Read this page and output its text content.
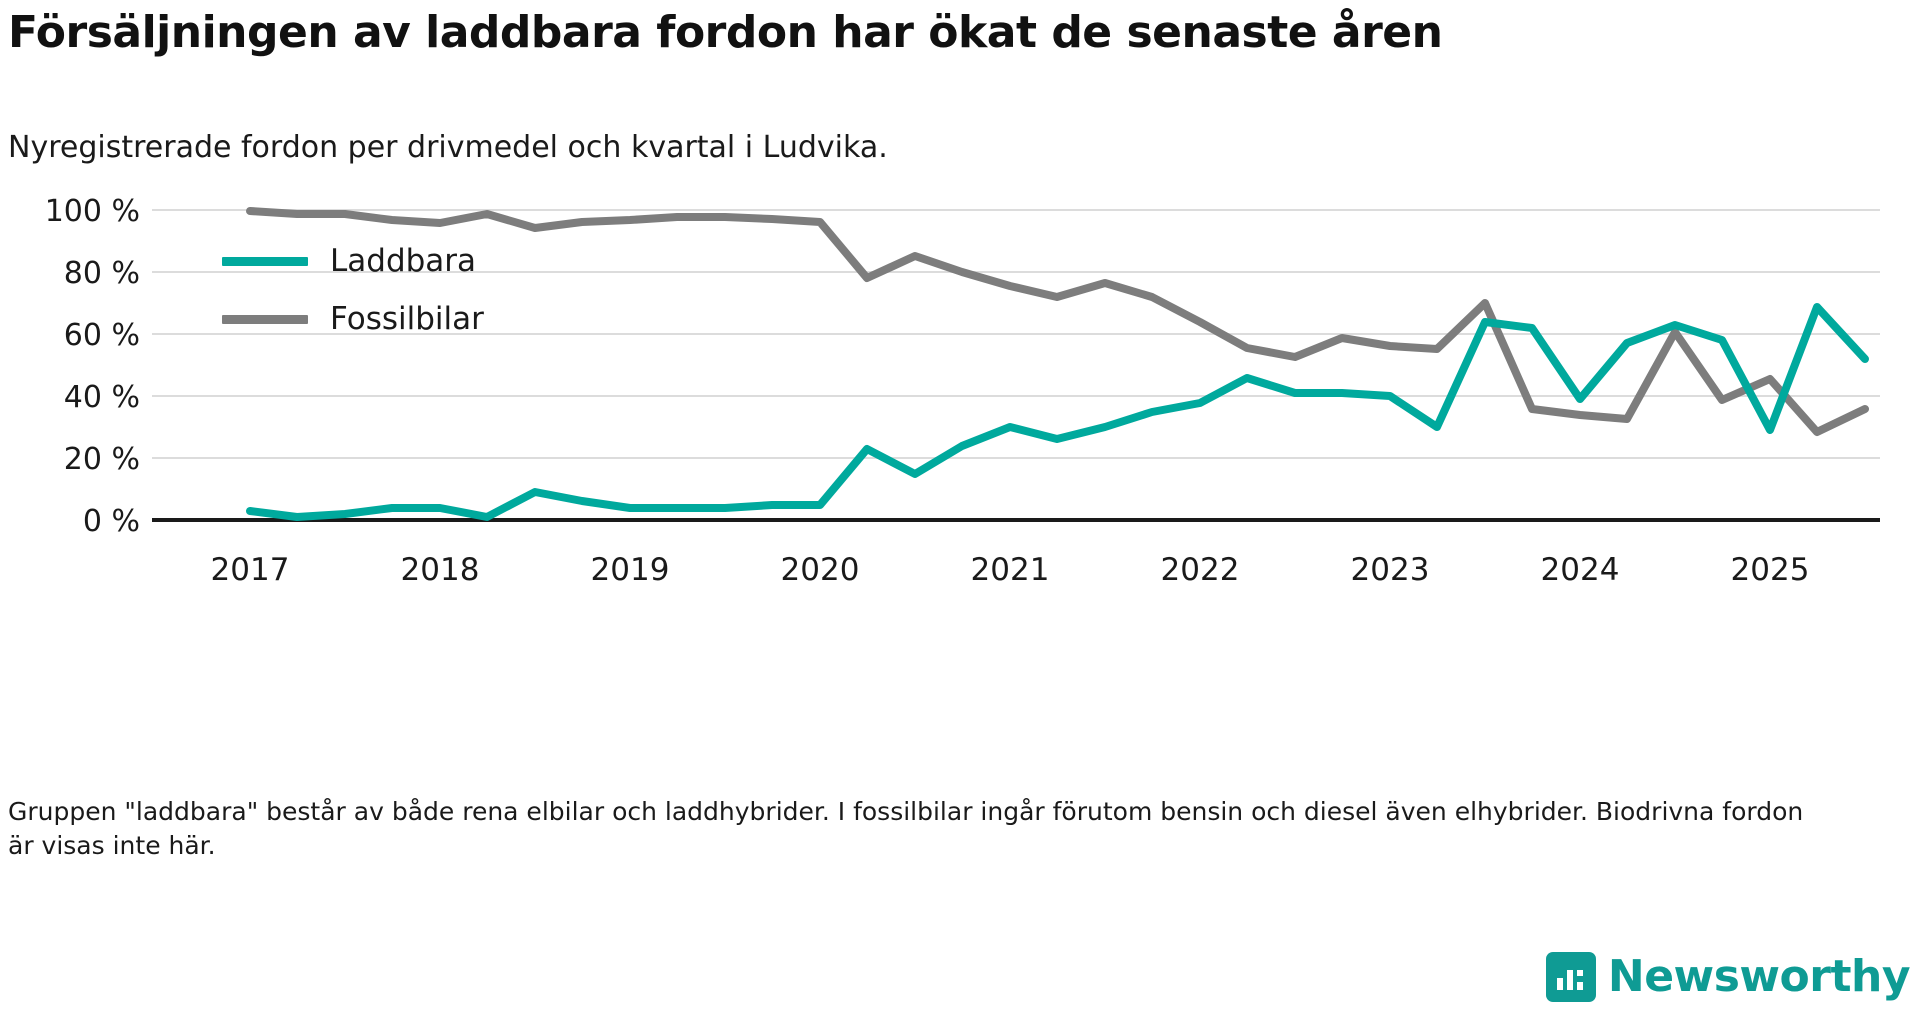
Försäljningen av laddbara fordon har ökat de senaste åren
Nyregistrerade fordon per drivmedel och kvartal i Ludvika.
100 %
80 %
60 %
40 %
20 %
0 %
2017	2018	2019	2020	2021	2022	2023	2024	2025
Laddbara
Fossilbilar
Gruppen "laddbara" består av både rena elbilar och laddhybrider. I fossilbilar ingår förutom bensin och diesel även elhybrider. Biodrivna fordon är visas inte här.
Newsworthy
